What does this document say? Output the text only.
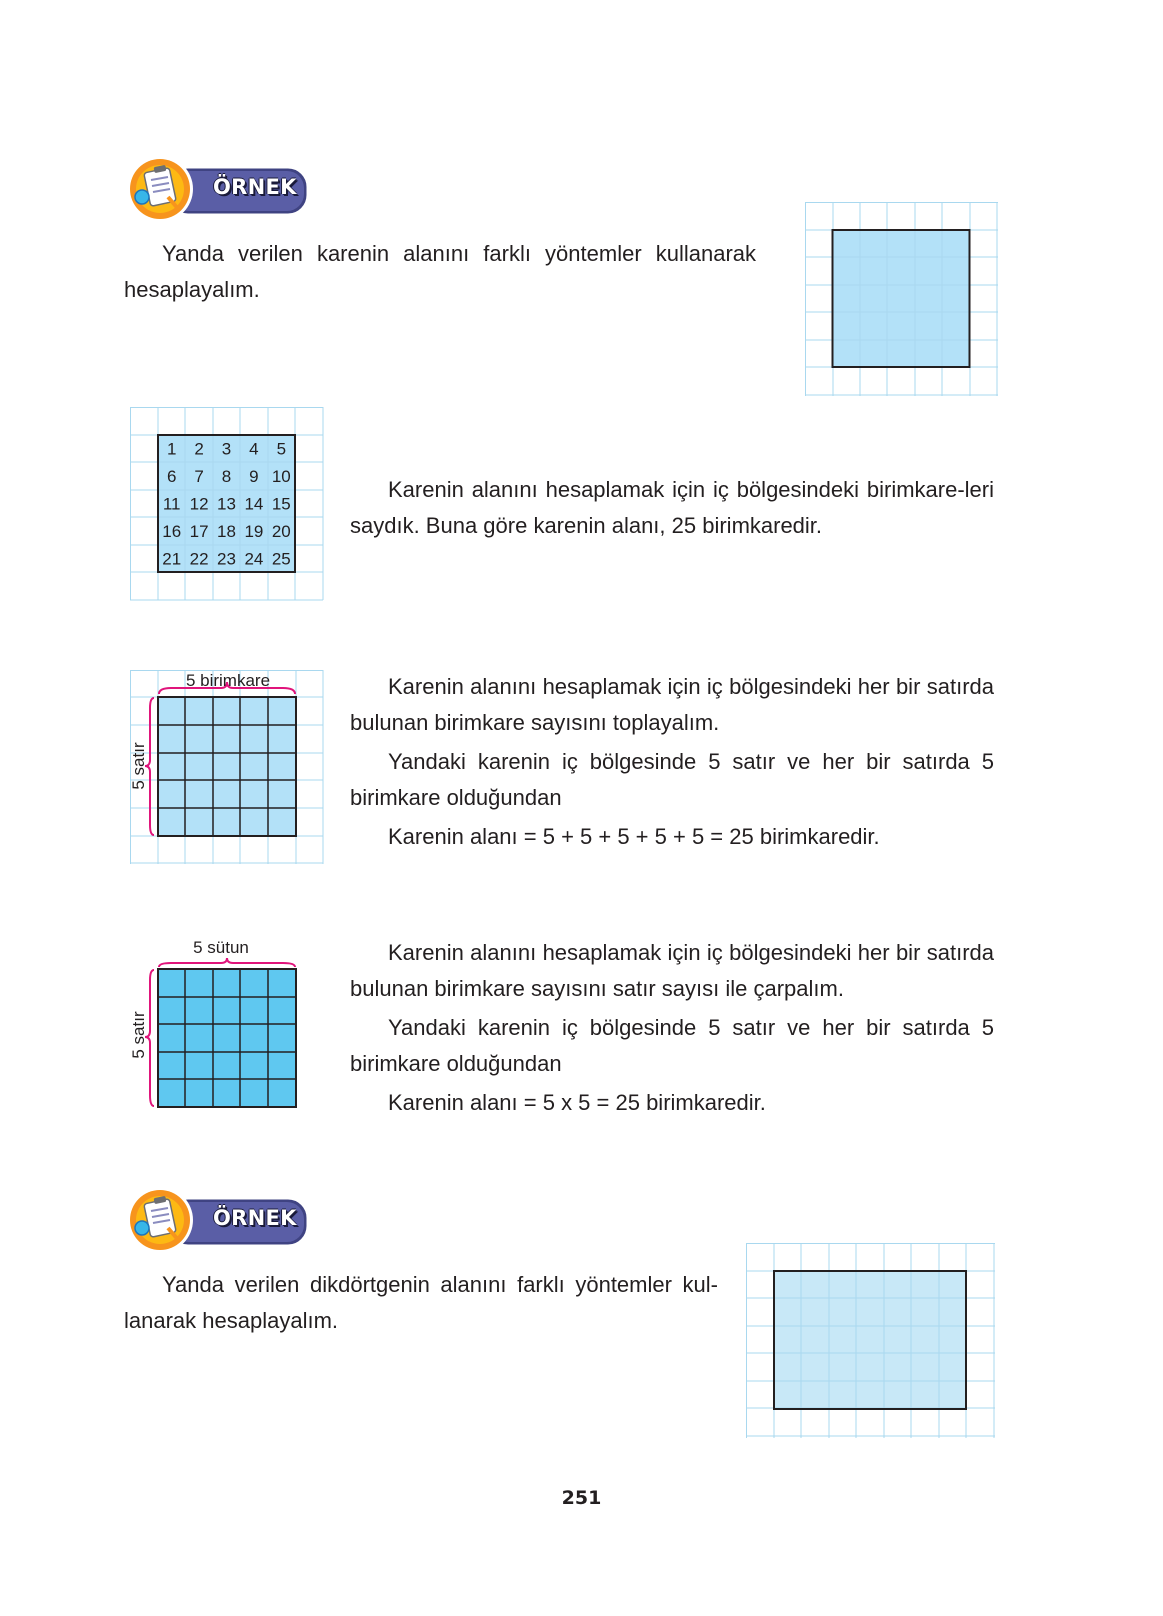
ÖRNEK

Yanda verilen karenin alanını farklı yöntemler kullanarak hesaplayalım.

1 2 3 4 5
6 7 8 9 10
11 12 13 14 15
16 17 18 19 20
21 22 23 24 25

Karenin alanını hesaplamak için iç bölgesindeki birimkare-leri saydık. Buna göre karenin alanı, 25 birimkaredir.

5 birimkare
5 satır

Karenin alanını hesaplamak için iç bölgesindeki her bir satırda bulunan birimkare sayısını toplayalım.

Yandaki karenin iç bölgesinde 5 satır ve her bir satırda 5 birimkare olduğundan

Karenin alanı = 5 + 5 + 5 + 5 + 5 = 25 birimkaredir.

5 sütun
5 satır

Karenin alanını hesaplamak için iç bölgesindeki her bir satırda bulunan birimkare sayısını satır sayısı ile çarpalım.

Yandaki karenin iç bölgesinde 5 satır ve her bir satırda 5 birimkare olduğundan

Karenin alanı = 5 x 5 = 25 birimkaredir.

ÖRNEK

Yanda verilen dikdörtgenin alanını farklı yöntemler kul-lanarak hesaplayalım.

251
